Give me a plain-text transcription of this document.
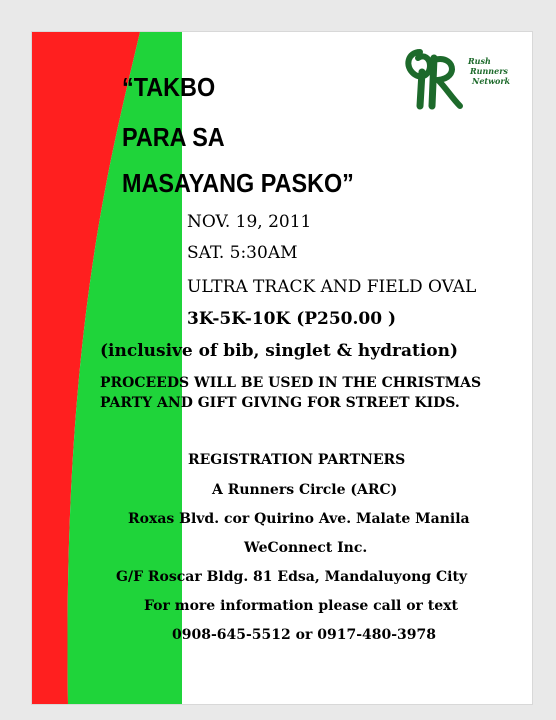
Rush
Runners
Network
“TAKBO
PARA SA
MASAYANG PASKO”
NOV. 19, 2011
SAT. 5:30AM
ULTRA TRACK AND FIELD OVAL
3K-5K-10K (P250.00 )
(inclusive of bib, singlet & hydration)
PROCEEDS WILL BE USED IN THE CHRISTMAS
PARTY AND GIFT GIVING FOR STREET KIDS.
REGISTRATION PARTNERS
A Runners Circle (ARC)
Roxas Blvd. cor Quirino Ave. Malate Manila
WeConnect Inc.
G/F Roscar Bldg. 81 Edsa, Mandaluyong City
For more information please call or text
0908-645-5512 or 0917-480-3978
